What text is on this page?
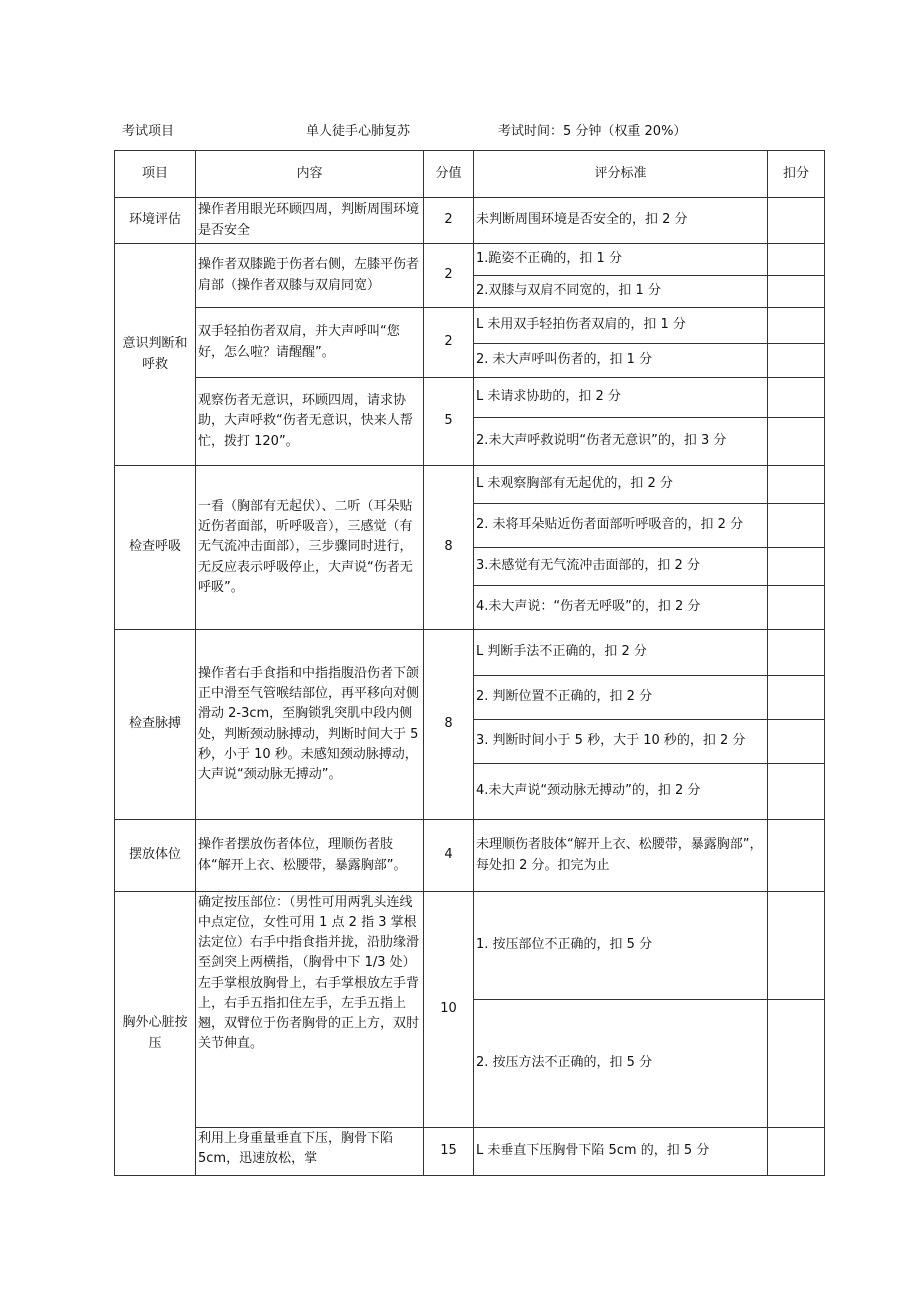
考试项目	单人徒手心肺复苏	考试时间：5 分钟（权重 20%）
项目	内容	分值	评分标准	扣分
环境评估	操作者用眼光环顾四周，判断周围环境是否安全	2	未判断周围环境是否安全的，扣 2 分	
意识判断和呼救	操作者双膝跪于伤者右侧，左膝平伤者肩部（操作者双膝与双肩同宽）	2	1.跪姿不正确的，扣 1 分	
			2.双膝与双肩不同宽的，扣 1 分	
	双手轻拍伤者双肩，并大声呼叫“您好，怎么啦？请醒醒”。	2	L 未用双手轻拍伤者双肩的，扣 1 分	
			2. 未大声呼叫伤者的，扣 1 分	
	观察伤者无意识，环顾四周，请求协助，大声呼救“伤者无意识，快来人帮忙，拨打 120”。	5	L 未请求协助的，扣 2 分	
			2.未大声呼救说明“伤者无意识”的，扣 3 分	
检查呼吸	一看（胸部有无起伏）、二听（耳朵贴近伤者面部，听呼吸音），三感觉（有无气流冲击面部），三步骤同时进行，无反应表示呼吸停止，大声说“伤者无呼吸”。	8	L 未观察胸部有无起优的，扣 2 分	
			2. 未将耳朵贴近伤者面部听呼吸音的，扣 2 分	
			3.未感觉有无气流冲击面部的，扣 2 分	
			4.未大声说：“伤者无呼吸”的，扣 2 分	
检查脉搏	操作者右手食指和中指指腹沿伤者下颌正中滑至气管喉结部位，再平移向对侧滑动 2-3cm，至胸锁乳突肌中段内侧处，判断颈动脉搏动，判断时间大于 5 秒，小于 10 秒。未感知颈动脉搏动，大声说“颈动脉无搏动”。	8	L 判断手法不正确的，扣 2 分	
			2. 判断位置不正确的，扣 2 分	
			3. 判断时间小于 5 秒，大于 10 秒的，扣 2 分	
			4.未大声说“颈动脉无搏动”的，扣 2 分	
摆放体位	操作者摆放伤者体位，理顺伤者肢体“解开上衣、松腰带，暴露胸部”。	4	未理顺伤者肢体“解开上衣、松腰带，暴露胸部”，每处扣 2 分。扣完为止	
胸外心脏按压	确定按压部位：（男性可用两乳头连线中点定位，女性可用 1 点 2 指 3 掌根法定位）右手中指食指并拢，沿肋缘滑至剑突上两横指，（胸骨中下 1/3 处）左手掌根放胸骨上，右手掌根放左手背上，右手五指扣住左手，左手五指上翘，双臂位于伤者胸骨的正上方，双肘关节伸直。	10	1. 按压部位不正确的，扣 5 分	
			2. 按压方法不正确的，扣 5 分	
	利用上身重量垂直下压，胸骨下陷 5cm，迅速放松，掌	15	L 未垂直下压胸骨下陷 5cm 的，扣 5 分	
